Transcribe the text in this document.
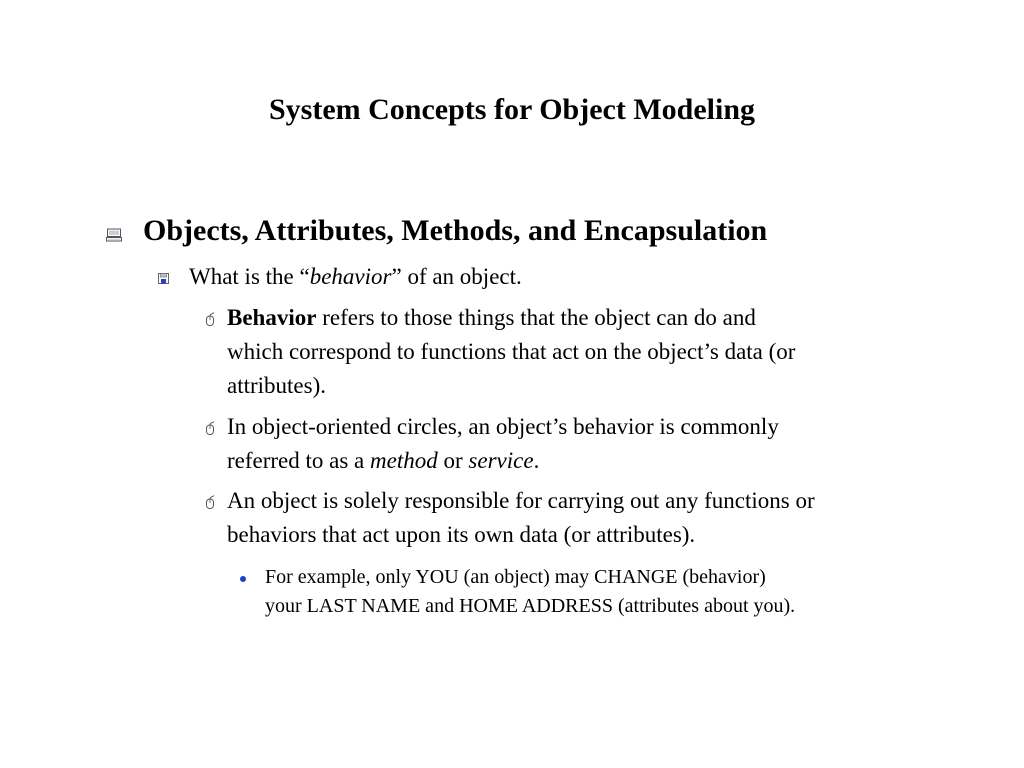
System Concepts for Object Modeling
Objects, Attributes, Methods, and Encapsulation
What is the “behavior” of an object.
Behavior refers to those things that the object can do and
which correspond to functions that act on the object’s data (or
attributes).
In object-oriented circles, an object’s behavior is commonly
referred to as a method or service.
An object is solely responsible for carrying out any functions or
behaviors that act upon its own data (or attributes).
For example, only YOU (an object) may CHANGE (behavior)
your LAST NAME and HOME ADDRESS (attributes about you).
